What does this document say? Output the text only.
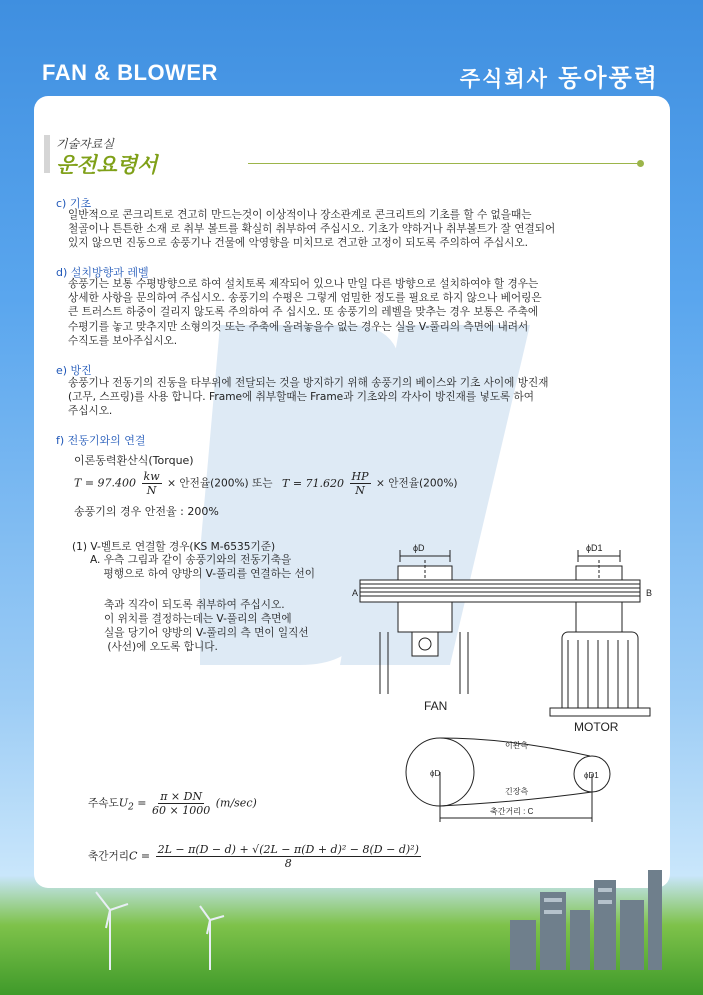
FAN & BLOWER	주식회사 동아풍력
기술자료실
운전요령서
c) 기초
일반적으로 콘크리트로 견고히 만드는것이 이상적이나 장소관계로 콘크리트의 기초를 할 수 없을때는
철골이나 튼튼한 소재 로 취부 볼트를 확실히 취부하여 주십시오. 기초가 약하거나 취부볼트가 잘 연결되어
있지 않으면 진동으로 송풍기나 건물에 악영향을 미치므로 견고한 고정이 되도록 주의하여 주십시오.
d) 설치방향과 레벨
송풍기는 보통 수평방향으로 하여 설치토록 제작되어 있으나 만일 다른 방향으로 설치하여야 할 경우는
상세한 사항을 문의하여 주십시오. 송풍기의 수평은 그렇게 엄밀한 정도를 필요로 하지 않으나 베어링은
큰 트러스트 하중이 걸리지 않도록 주의하여 주 십시오. 또 송풍기의 레벨을 맞추는 경우 보통은 주축에
수평기를 놓고 맞추지만 소형의것 또는 주축에 올려놓을수 없는 경우는 실을 V-풀리의 측면에 내려서
수직도를 보아주십시오.
e) 방진
송풍기나 전동기의 진동을 타부위에 전달되는 것을 방지하기 위해 송풍기의 베이스와 기초 사이에 방진재
(고무, 스프링)를 사용 합니다. Frame에 취부할때는 Frame과 기초와의 각사이 방진재를 넣도록 하여
주십시오.
f) 전동기와의 연결
이론동력환산식(Torque)
$T = 97.400 \frac{kw}{N}$ × 안전율(200%) 또는 $T = 71.620 \frac{HP}{N}$ × 안전율(200%)
송풍기의 경우 안전율 : 200%
(1) V-벨트로 연결할 경우(KS M-6535기준)
A. 우측 그림과 같이 송풍기와의 전동기축을
평행으로 하여 양방의 V-풀리를 연결하는 선이
축과 직각이 되도록 취부하여 주십시오.
이 위치를 결정하는데는 V-풀리의 측면에
실을 당기어 양방의 V-풀리의 측 면이 일직선
(사선)에 오도록 합니다.
ϕD	ϕD1
A	B
FAN
MOTOR
ϕD	ϕD1
이완측
긴장측
축간거리 : C
주속도$U_2 = \frac{\pi \times DN}{60 \times 1000} (m/\sec)$
축간거리$C = \frac{\text{2L − π(D − d) + √(2L − π(D + d)² − 8(D − d)²)}}{8}$
